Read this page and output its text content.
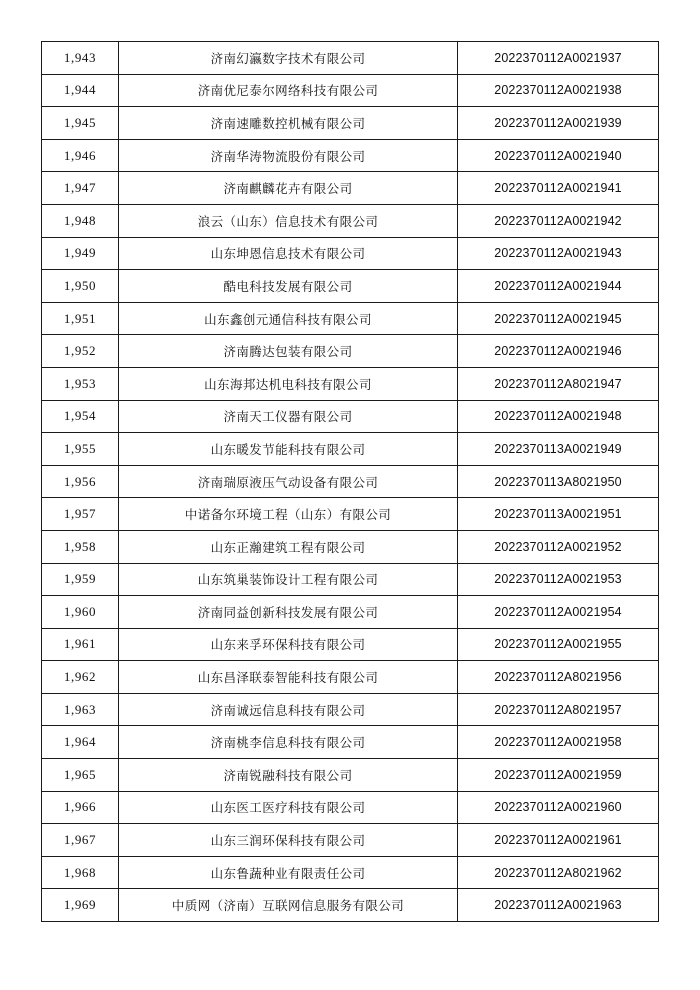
1,943	济南幻瀛数字技术有限公司	2022370112A0021937
1,944	济南优尼泰尔网络科技有限公司	2022370112A0021938
1,945	济南速雕数控机械有限公司	2022370112A0021939
1,946	济南华涛物流股份有限公司	2022370112A0021940
1,947	济南麒麟花卉有限公司	2022370112A0021941
1,948	浪云（山东）信息技术有限公司	2022370112A0021942
1,949	山东坤恩信息技术有限公司	2022370112A0021943
1,950	酷电科技发展有限公司	2022370112A0021944
1,951	山东鑫创元通信科技有限公司	2022370112A0021945
1,952	济南腾达包装有限公司	2022370112A0021946
1,953	山东海邦达机电科技有限公司	2022370112A8021947
1,954	济南天工仪器有限公司	2022370112A0021948
1,955	山东暖发节能科技有限公司	2022370113A0021949
1,956	济南瑞原液压气动设备有限公司	2022370113A8021950
1,957	中诺备尔环境工程（山东）有限公司	2022370113A0021951
1,958	山东正瀚建筑工程有限公司	2022370112A0021952
1,959	山东筑巢装饰设计工程有限公司	2022370112A0021953
1,960	济南同益创新科技发展有限公司	2022370112A0021954
1,961	山东来孚环保科技有限公司	2022370112A0021955
1,962	山东昌泽联泰智能科技有限公司	2022370112A8021956
1,963	济南诚远信息科技有限公司	2022370112A8021957
1,964	济南桃李信息科技有限公司	2022370112A0021958
1,965	济南锐融科技有限公司	2022370112A0021959
1,966	山东医工医疗科技有限公司	2022370112A0021960
1,967	山东三润环保科技有限公司	2022370112A0021961
1,968	山东鲁蔬种业有限责任公司	2022370112A8021962
1,969	中质网（济南）互联网信息服务有限公司	2022370112A0021963
